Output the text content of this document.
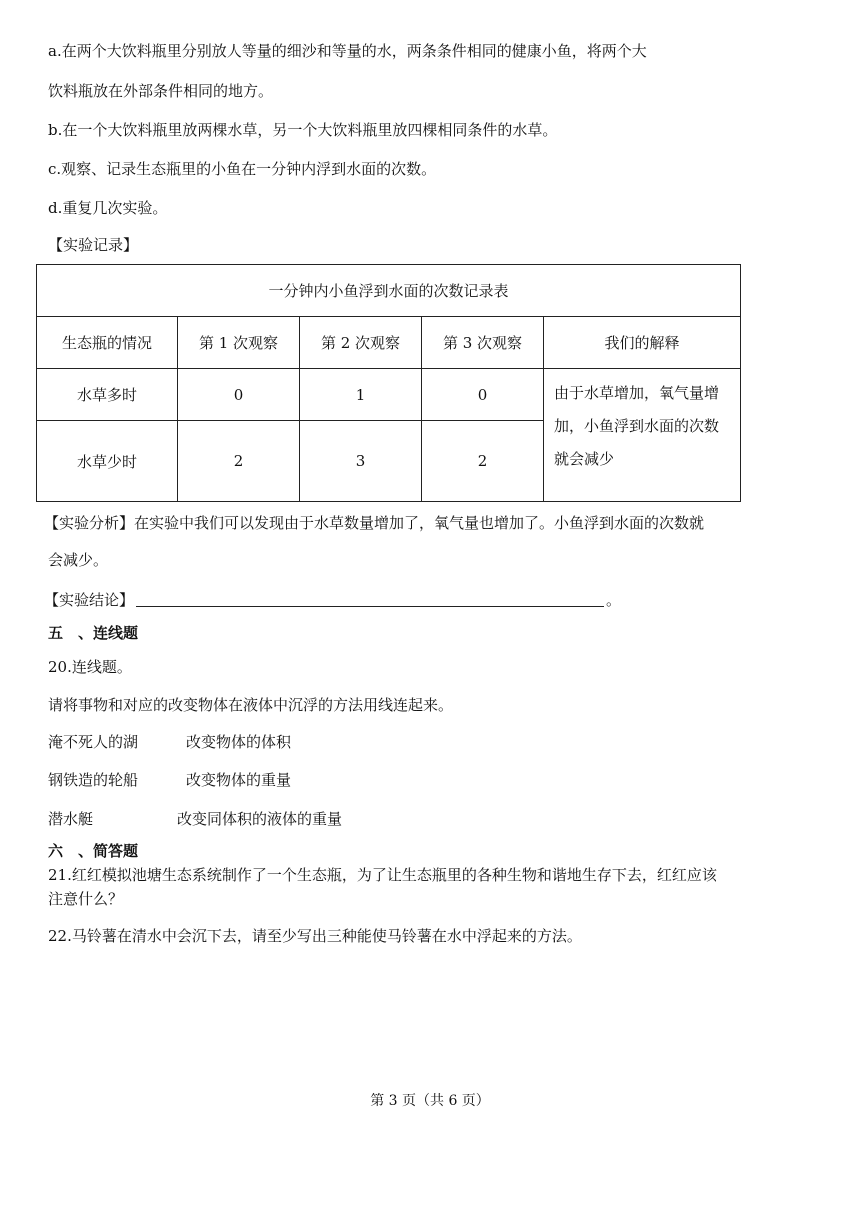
a.在两个大饮料瓶里分别放人等量的细沙和等量的水，两条条件相同的健康小鱼，将两个大
饮料瓶放在外部条件相同的地方。
b.在一个大饮料瓶里放两棵水草，另一个大饮料瓶里放四棵相同条件的水草。
c.观察、记录生态瓶里的小鱼在一分钟内浮到水面的次数。
d.重复几次实验。
【实验记录】
一分钟内小鱼浮到水面的次数记录表				
生态瓶的情况	第 1 次观察	第 2 次观察	第 3 次观察	我们的解释
水草多时	0	1	0	由于水草增加，氧气量增加，小鱼浮到水面的次数就会减少
水草少时	2	3	2	
【实验分析】在实验中我们可以发现由于水草数量增加了，氧气量也增加了。小鱼浮到水面的次数就
会减少。
【实验结论】	。
五　、连线题
20.连线题。
请将事物和对应的改变物体在液体中沉浮的方法用线连起来。
淹不死人的湖	改变物体的体积
钢铁造的轮船	改变物体的重量
潜水艇	改变同体积的液体的重量
六　、简答题
21.红红模拟池塘生态系统制作了一个生态瓶，为了让生态瓶里的各种生物和谐地生存下去，红红应该
注意什么？
22.马铃薯在清水中会沉下去，请至少写出三种能使马铃薯在水中浮起来的方法。
第 3 页（共 6 页）
